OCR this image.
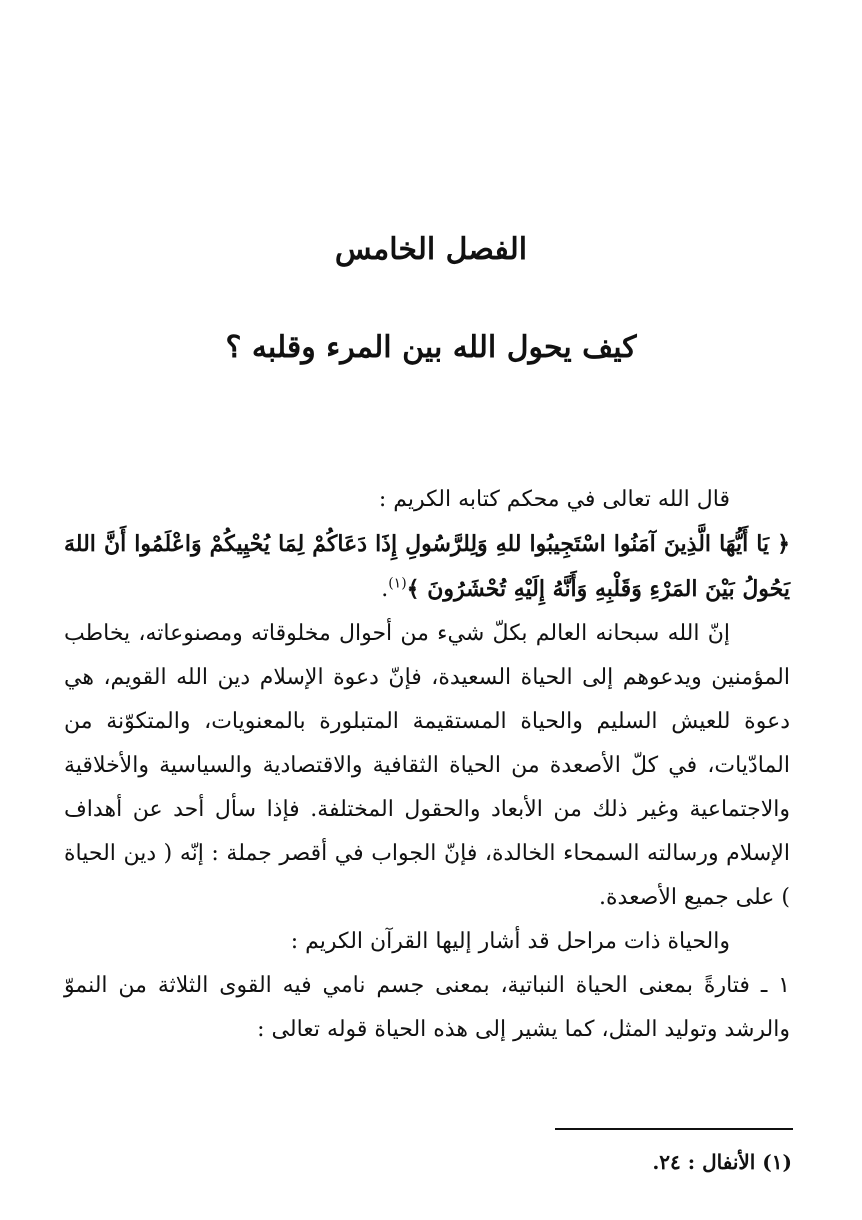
الفصل الخامس
كيف يحول الله بين المرء وقلبه ؟

قال الله تعالى في محكم كتابه الكريم :

﴿ يَا أَيُّهَا الَّذِينَ آمَنُوا اسْتَجِيبُوا للهِ وَلِلرَّسُولِ إِذَا دَعَاكُمْ لِمَا يُحْيِيكُمْ وَاعْلَمُوا أَنَّ اللهَ يَحُولُ بَيْنَ المَرْءِ وَقَلْبِهِ وَأَنَّهُ إِلَيْهِ تُحْشَرُونَ ﴾$^{(١)}$.

إنّ الله سبحانه العالم بكلّ شيء من أحوال مخلوقاته ومصنوعاته، يخاطب المؤمنين ويدعوهم إلى الحياة السعيدة، فإنّ دعوة الإسلام دين الله القويم، هي دعوة للعيش السليم والحياة المستقيمة المتبلورة بالمعنويات، والمتكوّنة من المادّيات، في كلّ الأصعدة من الحياة الثقافية والاقتصادية والسياسية والأخلاقية والاجتماعية وغير ذلك من الأبعاد والحقول المختلفة. فإذا سأل أحد عن أهداف الإسلام ورسالته السمحاء الخالدة، فإنّ الجواب في أقصر جملة : إنّه ( دين الحياة ) على جميع الأصعدة.

والحياة ذات مراحل قد أشار إليها القرآن الكريم :

١ ـ فتارةً بمعنى الحياة النباتية، بمعنى جسم نامي فيه القوى الثلاثة من النموّ والرشد وتوليد المثل، كما يشير إلى هذه الحياة قوله تعالى :

(١) الأنفال : ٢٤.
